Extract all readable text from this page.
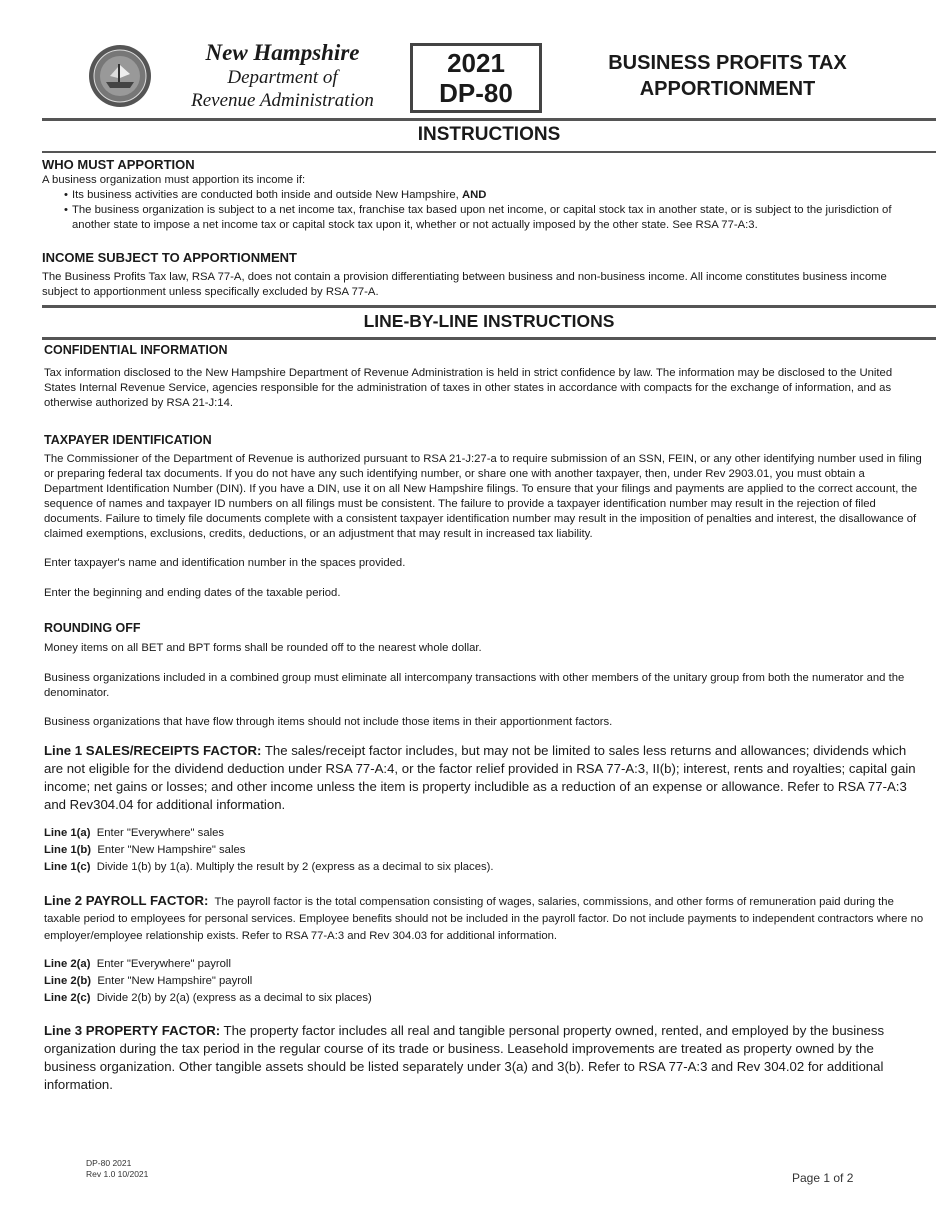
New Hampshire
Department of
Revenue Administration
2021
DP-80
BUSINESS PROFITS TAX
APPORTIONMENT
INSTRUCTIONS
WHO MUST APPORTION
A business organization must apportion its income if:
• Its business activities are conducted both inside and outside New Hampshire, AND
• The business organization is subject to a net income tax, franchise tax based upon net income, or capital stock tax in another state, or is subject to the jurisdiction of another state to impose a net income tax or capital stock tax upon it, whether or not actually imposed by the other state. See RSA 77-A:3.
INCOME SUBJECT TO APPORTIONMENT
The Business Profits Tax law, RSA 77-A, does not contain a provision differentiating between business and non-business income. All income constitutes business income subject to apportionment unless specifically excluded by RSA 77-A.
LINE-BY-LINE INSTRUCTIONS
CONFIDENTIAL INFORMATION
Tax information disclosed to the New Hampshire Department of Revenue Administration is held in strict confidence by law. The information may be disclosed to the United States Internal Revenue Service, agencies responsible for the administration of taxes in other states in accordance with compacts for the exchange of information, and as otherwise authorized by RSA 21-J:14.
TAXPAYER IDENTIFICATION
The Commissioner of the Department of Revenue is authorized pursuant to RSA 21-J:27-a to require submission of an SSN, FEIN, or any other identifying number used in filing or preparing federal tax documents. If you do not have any such identifying number, or share one with another taxpayer, then, under Rev 2903.01, you must obtain a Department Identification Number (DIN). If you have a DIN, use it on all New Hampshire filings. To ensure that your filings and payments are applied to the correct account, the sequence of names and taxpayer ID numbers on all filings must be consistent. The failure to provide a taxpayer identification number may result in the rejection of filed documents. Failure to timely file documents complete with a consistent taxpayer identification number may result in the imposition of penalties and interest, the disallowance of claimed exemptions, exclusions, credits, deductions, or an adjustment that may result in increased tax liability.
Enter taxpayer's name and identification number in the spaces provided.
Enter the beginning and ending dates of the taxable period.
ROUNDING OFF
Money items on all BET and BPT forms shall be rounded off to the nearest whole dollar.
Business organizations included in a combined group must eliminate all intercompany transactions with other members of the unitary group from both the numerator and the denominator.
Business organizations that have flow through items should not include those items in their apportionment factors.
Line 1 SALES/RECEIPTS FACTOR: The sales/receipt factor includes, but may not be limited to sales less returns and allowances; dividends which are not eligible for the dividend deduction under RSA 77-A:4, or the factor relief provided in RSA 77-A:3, II(b); interest, rents and royalties; capital gain income; net gains or losses; and other income unless the item is property includible as a reduction of an expense or allowance. Refer to RSA 77-A:3 and Rev304.04 for additional information.
Line 1(a) Enter "Everywhere" sales
Line 1(b) Enter "New Hampshire" sales
Line 1(c) Divide 1(b) by 1(a). Multiply the result by 2 (express as a decimal to six places).
Line 2 PAYROLL FACTOR: The payroll factor is the total compensation consisting of wages, salaries, commissions, and other forms of remuneration paid during the taxable period to employees for personal services. Employee benefits should not be included in the payroll factor. Do not include payments to independent contractors where no employer/employee relationship exists. Refer to RSA 77-A:3 and Rev 304.03 for additional information.
Line 2(a) Enter "Everywhere" payroll
Line 2(b) Enter "New Hampshire" payroll
Line 2(c) Divide 2(b) by 2(a) (express as a decimal to six places)
Line 3 PROPERTY FACTOR: The property factor includes all real and tangible personal property owned, rented, and employed by the business organization during the tax period in the regular course of its trade or business. Leasehold improvements are treated as property owned by the business organization. Other tangible assets should be listed separately under 3(a) and 3(b). Refer to RSA 77-A:3 and Rev 304.02 for additional information.
DP-80 2021
Rev 1.0 10/2021	Page 1 of 2
